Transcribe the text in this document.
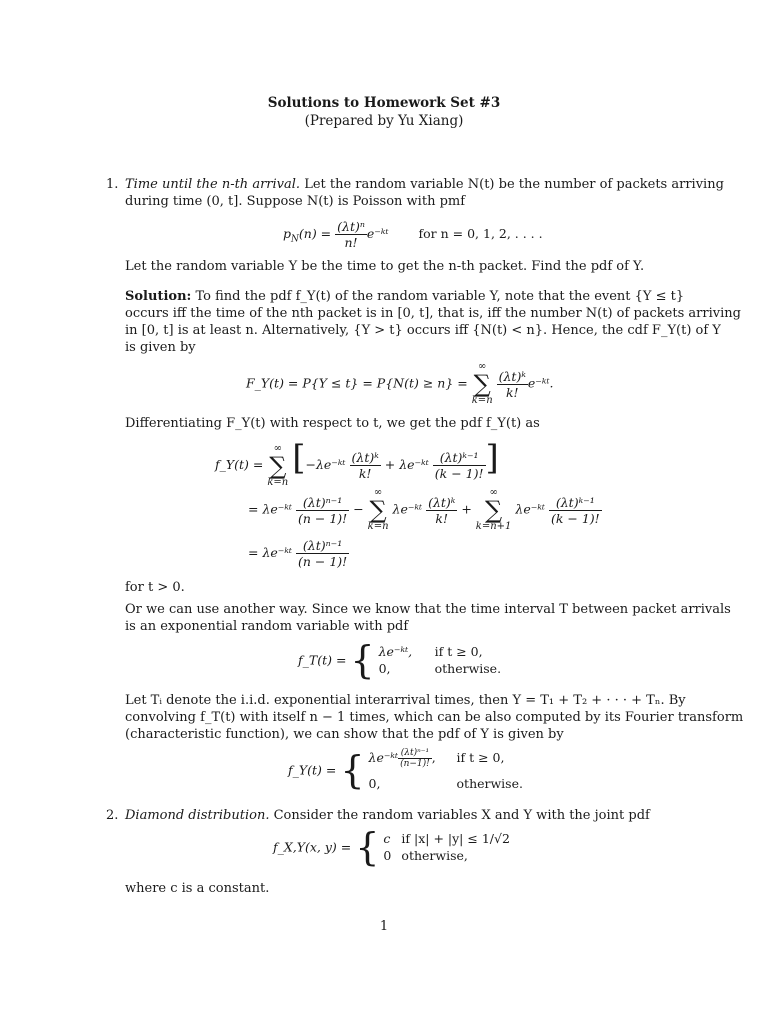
Solutions to Homework Set #3
(Prepared by Yu Xiang)
1. Time until the n-th arrival. Let the random variable N(t) be the number of packets arriving
during time (0, t]. Suppose N(t) is Poisson with pmf
$p_N(n) = \frac{\text{(λt)ⁿ}}{n!}$ e⁻ᵏᵗ for n = 0, 1, 2, . . . .
Let the random variable Y be the time to get the n-th packet. Find the pdf of Y.
Solution: To find the pdf f_Y(t) of the random variable Y, note that the event {Y ≤ t}
occurs iff the time of the nth packet is in [0, t], that is, iff the number N(t) of packets arriving
in [0, t] is at least n. Alternatively, {Y > t} occurs iff {N(t) < n}. Hence, the cdf F_Y(t) of Y
is given by
F_Y(t) = P{Y ≤ t} = P{N(t) ≥ n} = ∞
∑
k=n
$\frac{\text{(λt)ᵏ}}{k!}$ e⁻ᵏᵗ.
Differentiating F_Y(t) with respect to t, we get the pdf f_Y(t) as
f_Y(t) = ∞
∑
k=n [−λe⁻ᵏᵗ $\frac{\text{(λt)ᵏ}}{k!}$ + λe⁻ᵏᵗ $\frac{\text{(λt)ᵏ⁻¹}}{(k - 1)!}$ ]
= λe⁻ᵏᵗ $\frac{\text{(λt)ⁿ⁻¹}}{(n - 1)!}$ − ∞
∑
k=n λe⁻ᵏᵗ $\frac{\text{(λt)ᵏ}}{k!}$ + ∞
∑
k=n+1 λe⁻ᵏᵗ $\frac{\text{(λt)ᵏ⁻¹}}{(k - 1)!}$
= λe⁻ᵏᵗ $\frac{\text{(λt)ⁿ⁻¹}}{(n - 1)!}$
for t > 0.
Or we can use another way. Since we know that the time interval T between packet arrivals
is an exponential random variable with pdf
f_T(t) = { λe⁻ᵏᵗ, if t ≥ 0,
0,	otherwise.
Let Tᵢ denote the i.i.d. exponential interarrival times, then Y = T₁ + T₂ + · · · + Tₙ. By
convolving f_T(t) with itself n − 1 times, which can be also computed by its Fourier transform
(characteristic function), we can show that the pdf of Y is given by
f_Y(t) = { λe⁻ᵏᵗ $\frac{\text{(λt)ⁿ⁻¹}}{(n-1)!}$ , if t ≥ 0,
0,	otherwise.
2. Diamond distribution. Consider the random variables X and Y with the joint pdf
f_X,Y(x, y) = { c if |x| + |y| ≤ 1/√2
0 otherwise,
where c is a constant.
1
